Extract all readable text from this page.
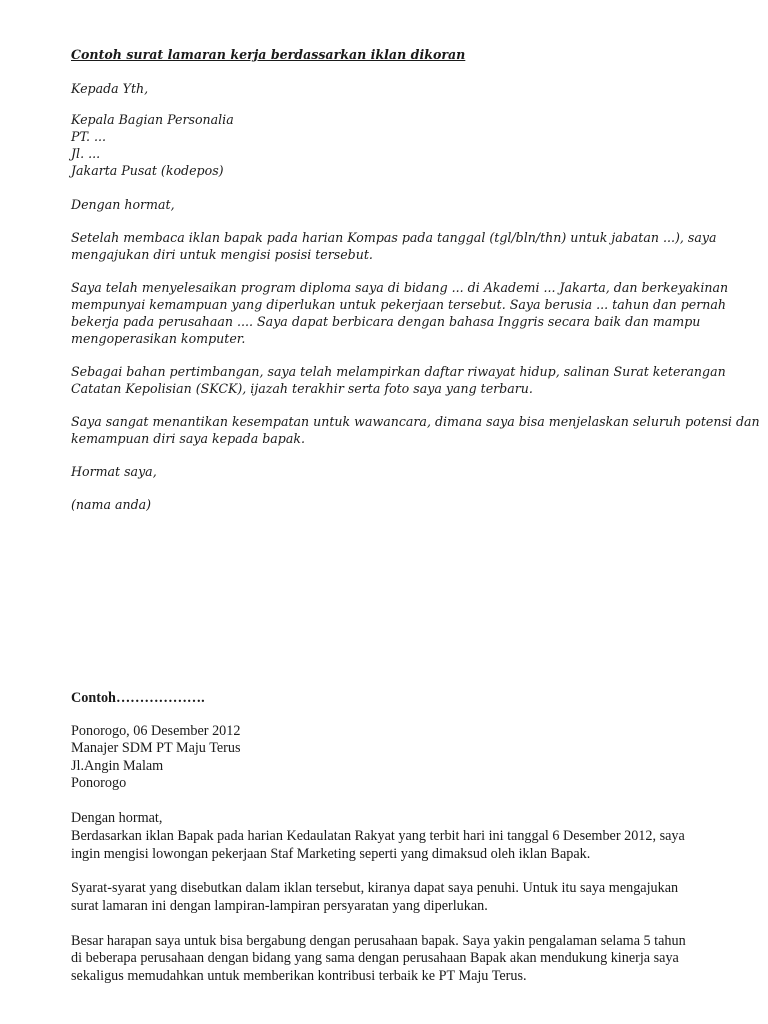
Contoh surat lamaran kerja berdassarkan iklan dikoran

Kepada Yth,

Kepala Bagian Personalia

PT. ...

Jl. ...

Jakarta Pusat (kodepos)

Dengan hormat,

Setelah membaca iklan bapak pada harian Kompas pada tanggal (tgl/bln/thn) untuk jabatan ...), saya

mengajukan diri untuk mengisi posisi tersebut.

Saya telah menyelesaikan program diploma saya di bidang ... di Akademi ... Jakarta, dan berkeyakinan

mempunyai kemampuan yang diperlukan untuk pekerjaan tersebut. Saya berusia ... tahun dan pernah

bekerja pada perusahaan .... Saya dapat berbicara dengan bahasa Inggris secara baik dan mampu

mengoperasikan komputer.

Sebagai bahan pertimbangan, saya telah melampirkan daftar riwayat hidup, salinan Surat keterangan

Catatan Kepolisian (SKCK), ijazah terakhir serta foto saya yang terbaru.

Saya sangat menantikan kesempatan untuk wawancara, dimana saya bisa menjelaskan seluruh potensi dan

kemampuan diri saya kepada bapak.

Hormat saya,

(nama anda)

Contoh……………….

Ponorogo, 06 Desember 2012

Manajer SDM PT Maju Terus

Jl.Angin Malam

Ponorogo

Dengan hormat,

Berdasarkan iklan Bapak pada harian Kedaulatan Rakyat yang terbit hari ini tanggal 6 Desember 2012, saya

ingin mengisi lowongan pekerjaan Staf Marketing seperti yang dimaksud oleh iklan Bapak.

Syarat-syarat yang disebutkan dalam iklan tersebut, kiranya dapat saya penuhi. Untuk itu saya mengajukan

surat lamaran ini dengan lampiran-lampiran persyaratan yang diperlukan.

Besar harapan saya untuk bisa bergabung dengan perusahaan bapak. Saya yakin pengalaman selama 5 tahun

di beberapa perusahaan dengan bidang yang sama dengan perusahaan Bapak akan mendukung kinerja saya

sekaligus memudahkan untuk memberikan kontribusi terbaik ke PT Maju Terus.
